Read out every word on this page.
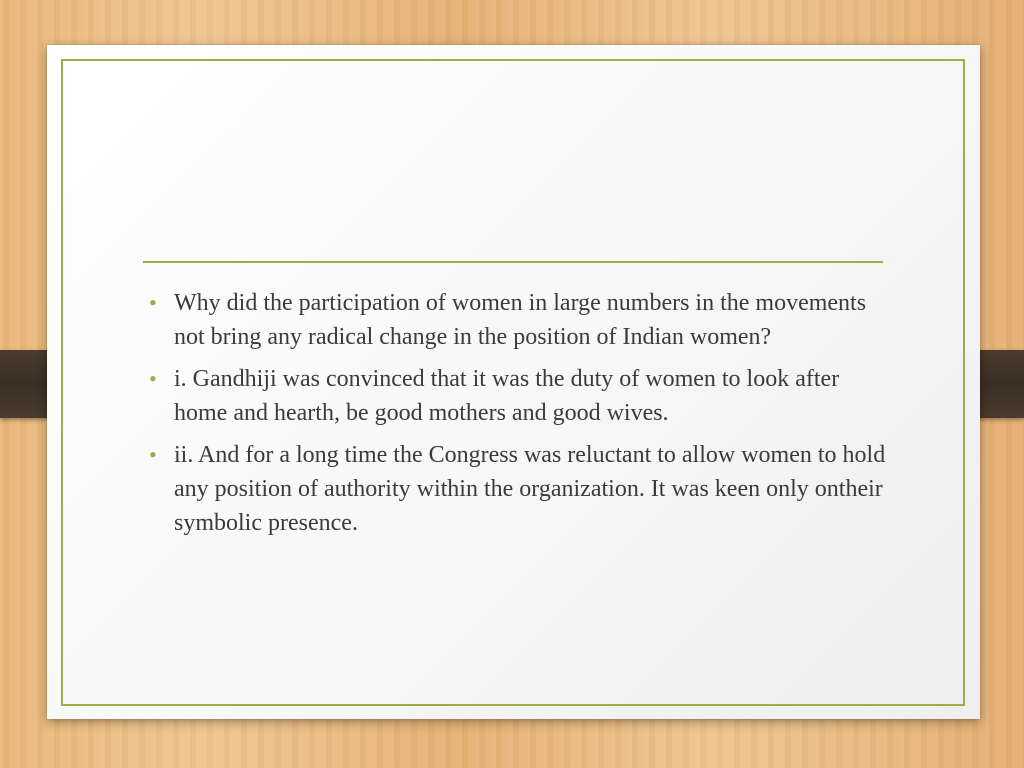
• Why did the participation of women in large numbers in the movements not bring any radical change in the position of Indian women?
• i. Gandhiji was convinced that it was the duty of women to look after home and hearth, be good mothers and good wives.
• ii. And for a long time the Congress was reluctant to allow women to hold any position of authority within the organization. It was keen only ontheir symbolic presence.
